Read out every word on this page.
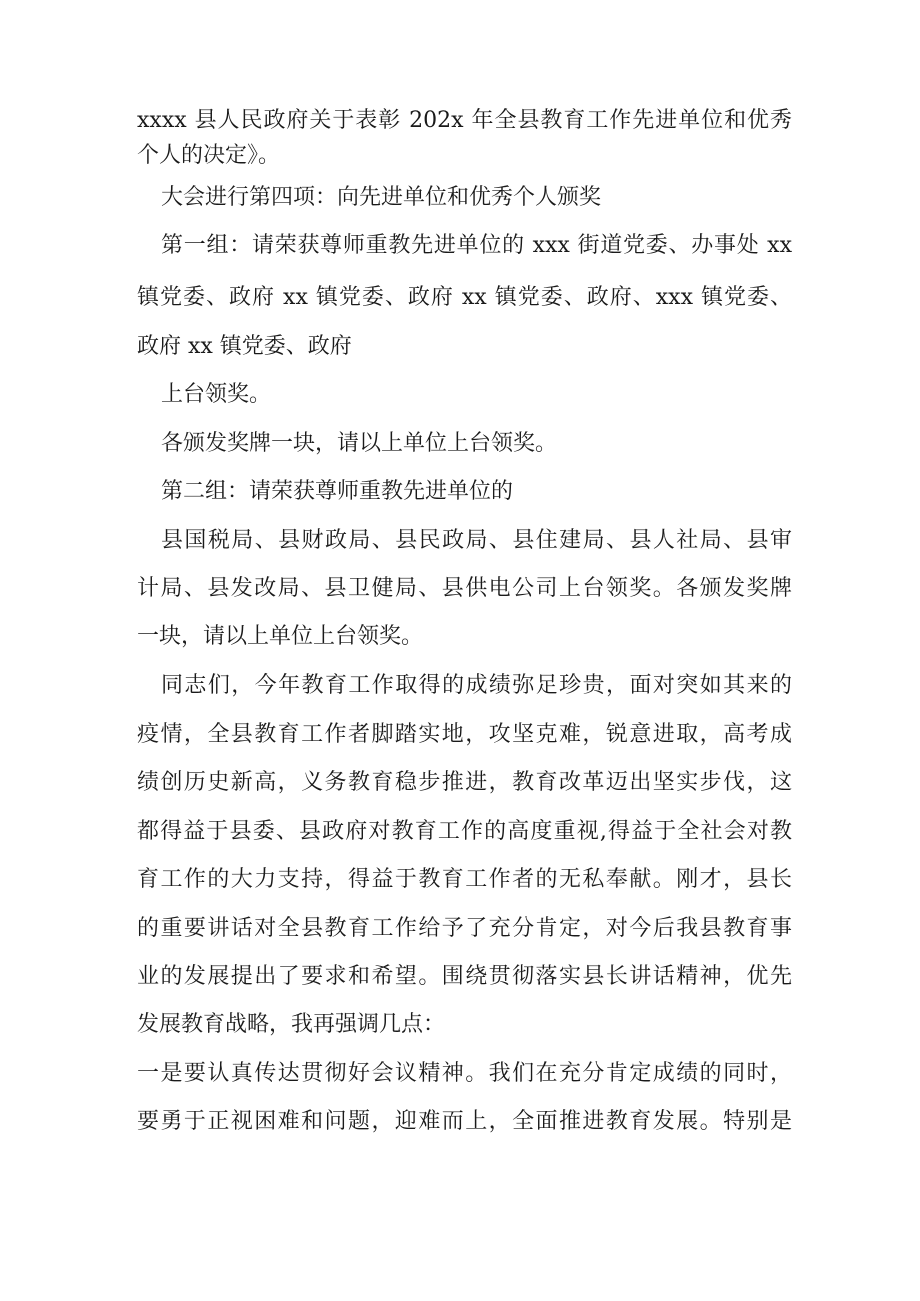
xxxx 县人民政府关于表彰 202x 年全县教育工作先进单位和优秀
个人的决定》。
大会进行第四项：向先进单位和优秀个人颁奖
第一组：请荣获尊师重教先进单位的 xxx 街道党委、办事处 xx
镇党委、政府 xx 镇党委、政府 xx 镇党委、政府、xxx 镇党委、
政府 xx 镇党委、政府
上台领奖。
各颁发奖牌一块，请以上单位上台领奖。
第二组：请荣获尊师重教先进单位的
县国税局、县财政局、县民政局、县住建局、县人社局、县审
计局、县发改局、县卫健局、县供电公司上台领奖。各颁发奖牌
一块，请以上单位上台领奖。
同志们，今年教育工作取得的成绩弥足珍贵，面对突如其来的
疫情，全县教育工作者脚踏实地，攻坚克难，锐意进取，高考成
绩创历史新高，义务教育稳步推进，教育改革迈出坚实步伐，这
都得益于县委、县政府对教育工作的高度重视,得益于全社会对教
育工作的大力支持，得益于教育工作者的无私奉献。刚才，县长
的重要讲话对全县教育工作给予了充分肯定，对今后我县教育事
业的发展提出了要求和希望。围绕贯彻落实县长讲话精神，优先
发展教育战略，我再强调几点：
一是要认真传达贯彻好会议精神。我们在充分肯定成绩的同时，
要勇于正视困难和问题，迎难而上，全面推进教育发展。特别是
